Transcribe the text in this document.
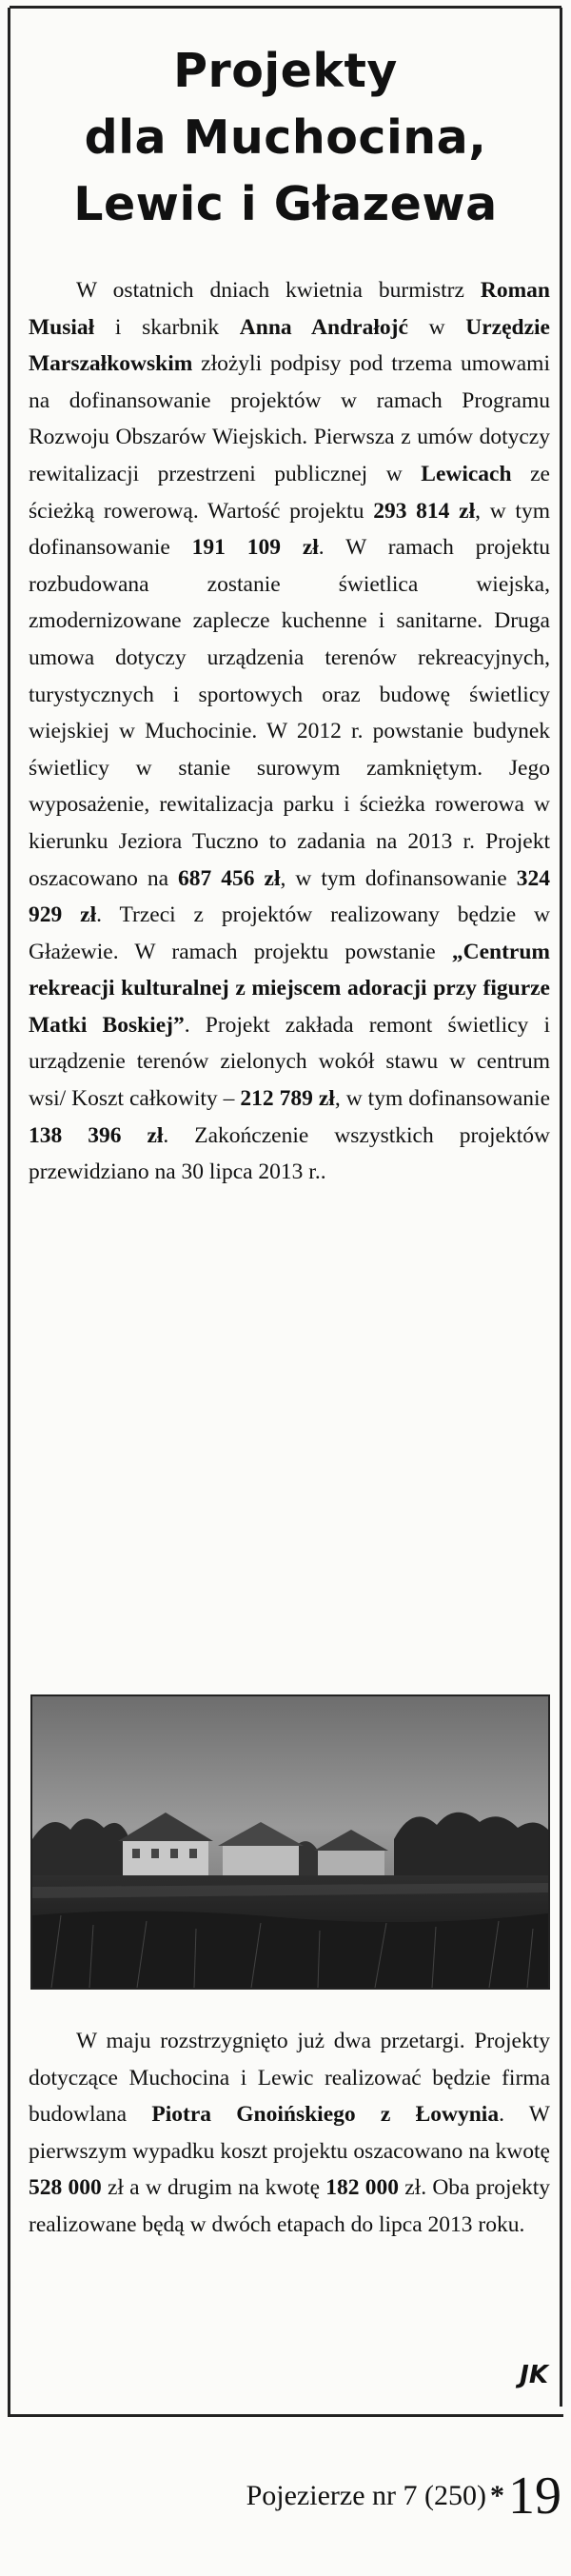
Projekty
dla Muchocina,
Lewic i Głazewa

W ostatnich dniach kwietnia burmistrz Roman Musiał i skarbnik Anna Andrałojć w Urzędzie Marszałkowskim złożyli podpisy pod trzema umowami na dofinansowanie projektów w ramach Programu Rozwoju Obszarów Wiejskich. Pierwsza z umów dotyczy rewitalizacji przestrzeni publicznej w Lewicach ze ścieżką rowerową. Wartość projektu 293 814 zł, w tym dofinansowanie 191 109 zł. W ramach projektu rozbudowana zostanie świetlica wiejska, zmodernizowane zaplecze kuchenne i sanitarne. Druga umowa dotyczy urządzenia terenów rekreacyjnych, turystycznych i sportowych oraz budowę świetlicy wiejskiej w Muchocinie. W 2012 r. powstanie budynek świetlicy w stanie surowym zamkniętym. Jego wyposażenie, rewitalizacja parku i ścieżka rowerowa w kierunku Jeziora Tuczno to zadania na 2013 r. Projekt oszacowano na 687 456 zł, w tym dofinansowanie 324 929 zł. Trzeci z projektów realizowany będzie w Głażewie. W ramach projektu powstanie „Centrum rekreacji kulturalnej z miejscem adoracji przy figurze Matki Boskiej”. Projekt zakłada remont świetlicy i urządzenie terenów zielonych wokół stawu w centrum wsi/ Koszt całkowity – 212 789 zł, w tym dofinansowanie 138 396 zł. Zakończenie wszystkich projektów przewidziano na 30 lipca 2013 r..

W maju rozstrzygnięto już dwa przetargi. Projekty dotyczące Muchocina i Lewic realizować będzie firma budowlana Piotra Gnoińskiego z Łowynia. W pierwszym wypadku koszt projektu oszacowano na kwotę 528 000 zł a w drugim na kwotę 182 000 zł. Oba projekty realizowane będą w dwóch etapach do lipca 2013 roku.

JK
Pojezierze nr 7 (250) *19
